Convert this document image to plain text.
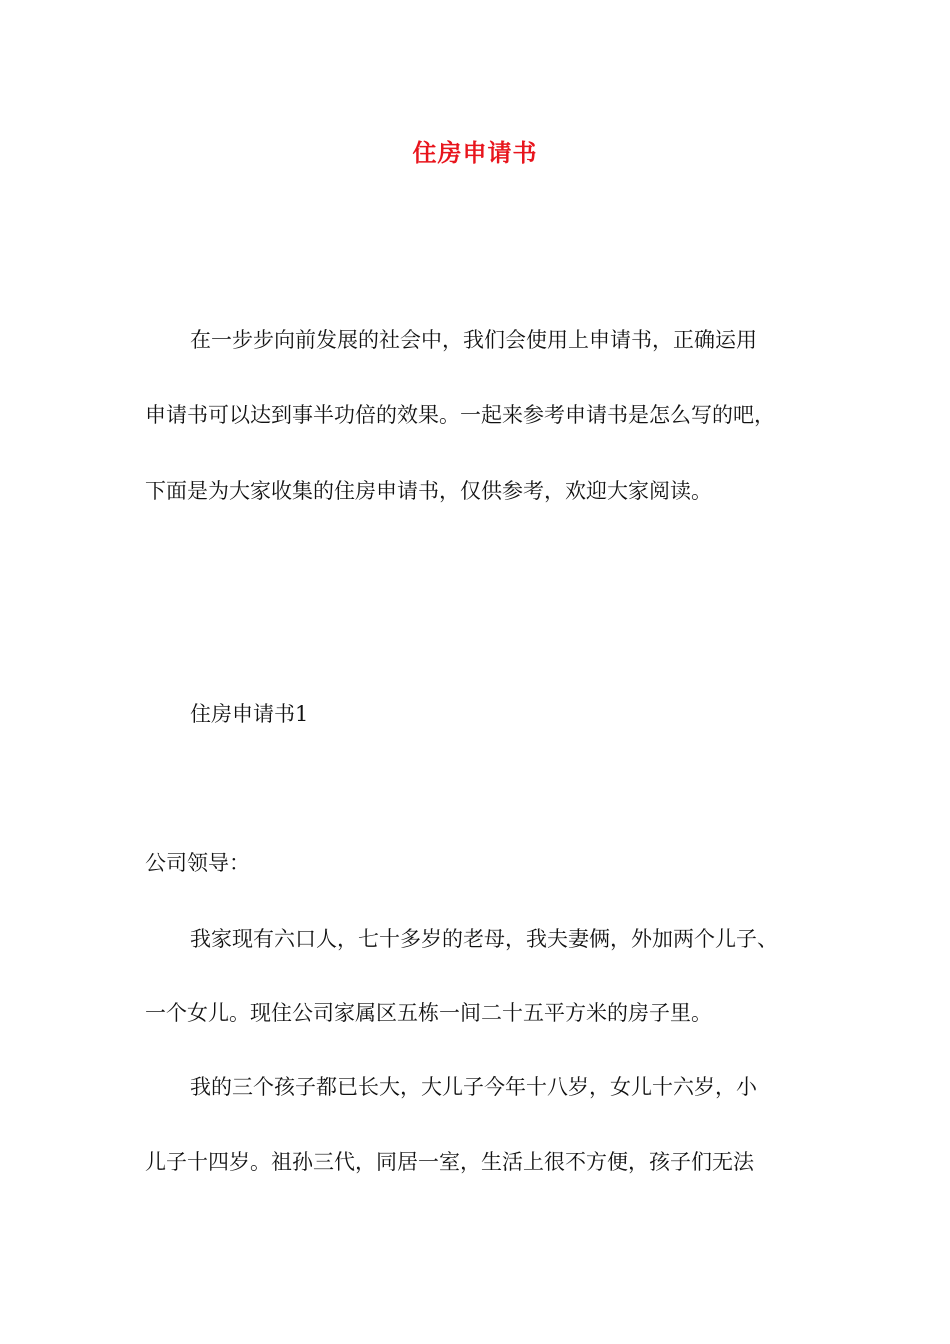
住房申请书
在一步步向前发展的社会中，我们会使用上申请书，正确运用
申请书可以达到事半功倍的效果。一起来参考申请书是怎么写的吧，
下面是为大家收集的住房申请书，仅供参考，欢迎大家阅读。
住房申请书1
公司领导：
我家现有六口人，七十多岁的老母，我夫妻俩，外加两个儿子、
一个女儿。现住公司家属区五栋一间二十五平方米的房子里。
我的三个孩子都已长大，大儿子今年十八岁，女儿十六岁，小
儿子十四岁。祖孙三代，同居一室，生活上很不方便，孩子们无法
